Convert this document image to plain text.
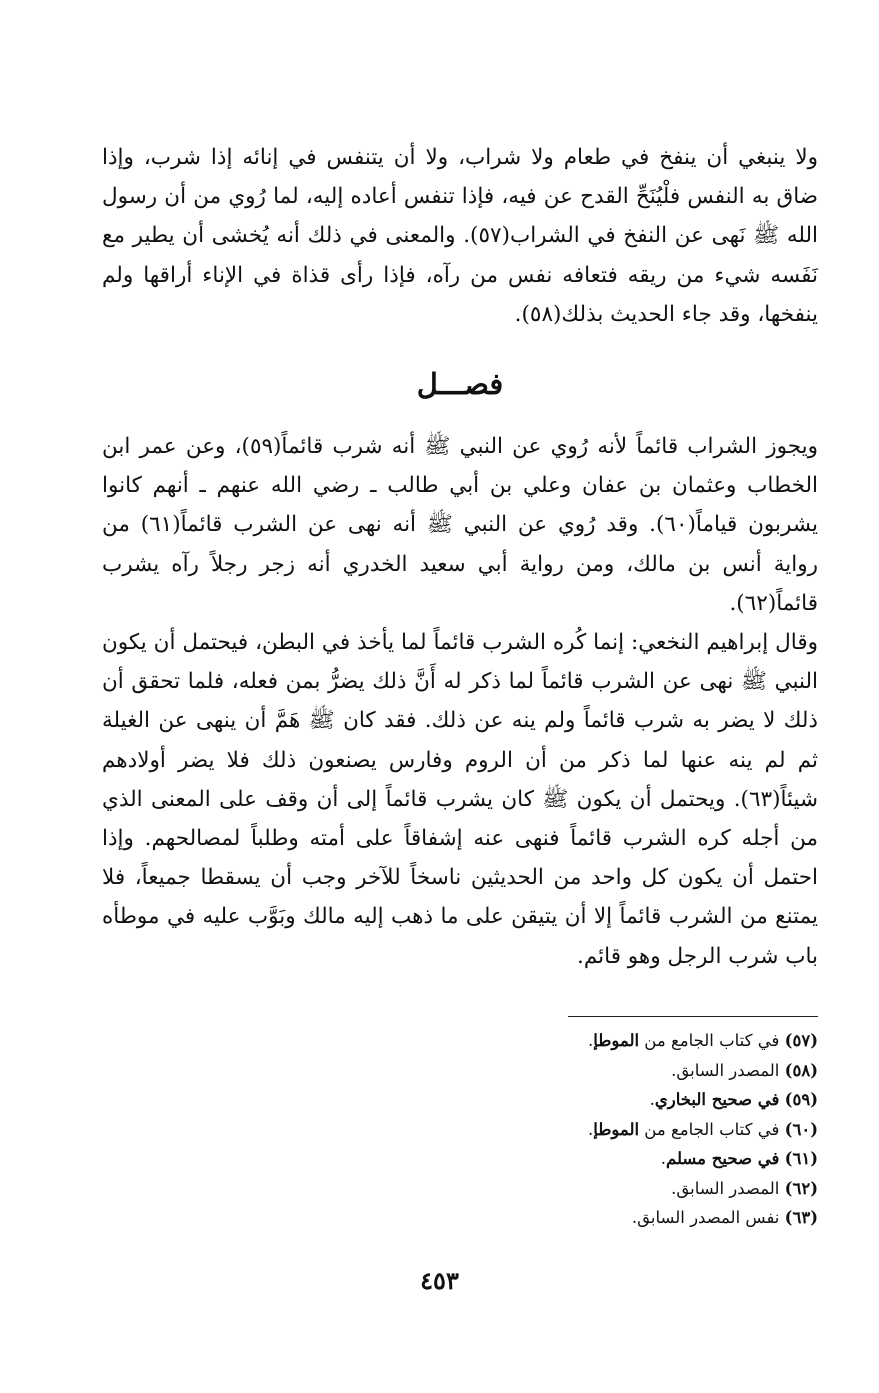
ولا ينبغي أن ينفخ في طعام ولا شراب، ولا أن يتنفس في إنائه إذا شرب، وإذا ضاق به النفس فلْيُنَحِّ القدح عن فيه، فإذا تنفس أعاده إليه، لما رُوي من أن رسول الله ﷺ نَهى عن النفخ في الشراب(٥٧). والمعنى في ذلك أنه يُخشى أن يطير مع نَفَسه شيء من ريقه فتعافه نفس من رآه، فإذا رأى قذاة في الإناء أراقها ولم ينفخها، وقد جاء الحديث بذلك(٥٨).

فصـــل

ويجوز الشراب قائماً لأنه رُوي عن النبي ﷺ أنه شرب قائماً(٥٩)، وعن عمر ابن الخطاب وعثمان بن عفان وعلي بن أبي طالب ـ رضي الله عنهم ـ أنهم كانوا يشربون قياماً(٦٠). وقد رُوي عن النبي ﷺ أنه نهى عن الشرب قائماً(٦١) من رواية أنس بن مالك، ومن رواية أبي سعيد الخدري أنه زجر رجلاً رآه يشرب قائماً(٦٢).

وقال إبراهيم النخعي: إنما كُره الشرب قائماً لما يأخذ في البطن، فيحتمل أن يكون النبي ﷺ نهى عن الشرب قائماً لما ذكر له أَنَّ ذلك يضرُّ بمن فعله، فلما تحقق أن ذلك لا يضر به شرب قائماً ولم ينه عن ذلك. فقد كان ﷺ هَمَّ أن ينهى عن الغيلة ثم لم ينه عنها لما ذكر من أن الروم وفارس يصنعون ذلك فلا يضر أولادهم شيئاً(٦٣). ويحتمل أن يكون ﷺ كان يشرب قائماً إلى أن وقف على المعنى الذي من أجله كره الشرب قائماً فنهى عنه إشفاقاً على أمته وطلباً لمصالحهم. وإذا احتمل أن يكون كل واحد من الحديثين ناسخاً للآخر وجب أن يسقطا جميعاً، فلا يمتنع من الشرب قائماً إلا أن يتيقن على ما ذهب إليه مالك وبَوَّب عليه في موطأه باب شرب الرجل وهو قائم.

(٥٧) في كتاب الجامع من الموطإ.
(٥٨) المصدر السابق.
(٥٩) في صحيح البخاري.
(٦٠) في كتاب الجامع من الموطإ.
(٦١) في صحيح مسلم.
(٦٢) المصدر السابق.
(٦٣) نفس المصدر السابق.
٤٥٣
